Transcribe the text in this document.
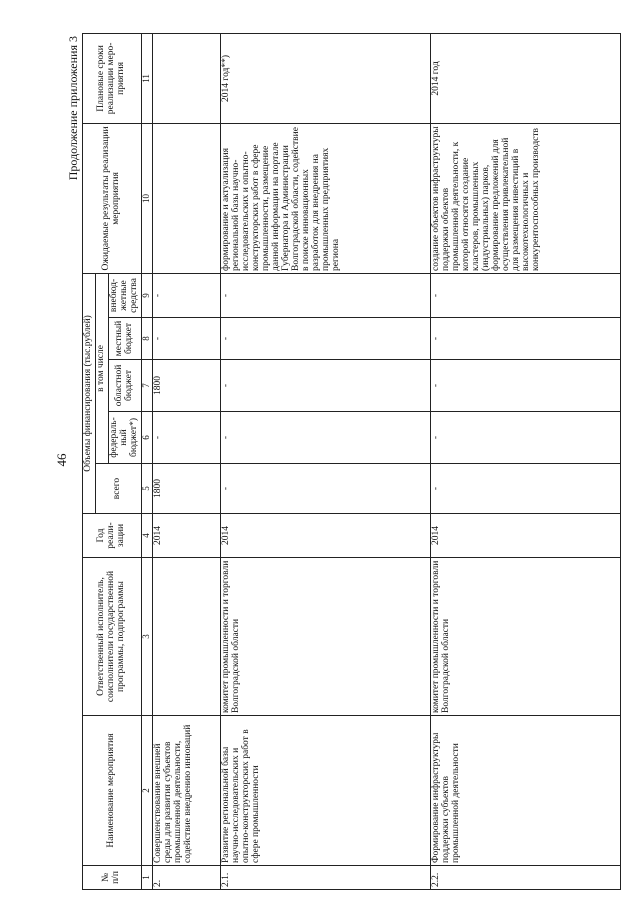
46
Продолжение приложения 3
№ п/п	Наименование мероприятия	Ответственный исполнитель, соисполнители государственной программы, подпрограммы	Год реализации	Объемы финансирования (тыс.рублей)					Ожидаемые результаты реализации мероприятия	Плановые сроки реализации мероприятия
				всего	в том числе					
					федеральный бюджет*)	областной бюджет	местный бюджет	внебюджетные средства		
1	2	3	4	5	6	7	8	9	10	11
2.	Совершенствование внешней среды для развития субъектов промышленной деятельности, содействие внедрению инноваций		2014	1800	-	1800	-	-		
2.1.	Развитие региональной базы научно-исследовательских и опытно-конструкторских работ в сфере промышленности	комитет промышленности и торговли Волгоградской области	2014	-	-	-	-	-	формирование и актуализация региональной базы научно-исследовательских и опытно-конструкторских работ в сфере промышленности, размещение данной информации на портале Губернатора и Администрации Волгоградской области, содействие в поиске инновационных разработок для внедрения на промышленных предприятиях региона	2014 год**)
2.2.	Формирование инфраструктуры поддержки субъектов промышленной деятельности	комитет промышленности и торговли Волгоградской области	2014	-	-	-	-	-	создание объектов инфраструктуры поддержки объектов промышленной деятельности, к которой относятся создание кластеров, промышленных (индустриальных) парков, формирование предложений для осуществления привлекательной для размещения инвестиций в высокотехнологичных и конкурентоспособных производств	2014 год
